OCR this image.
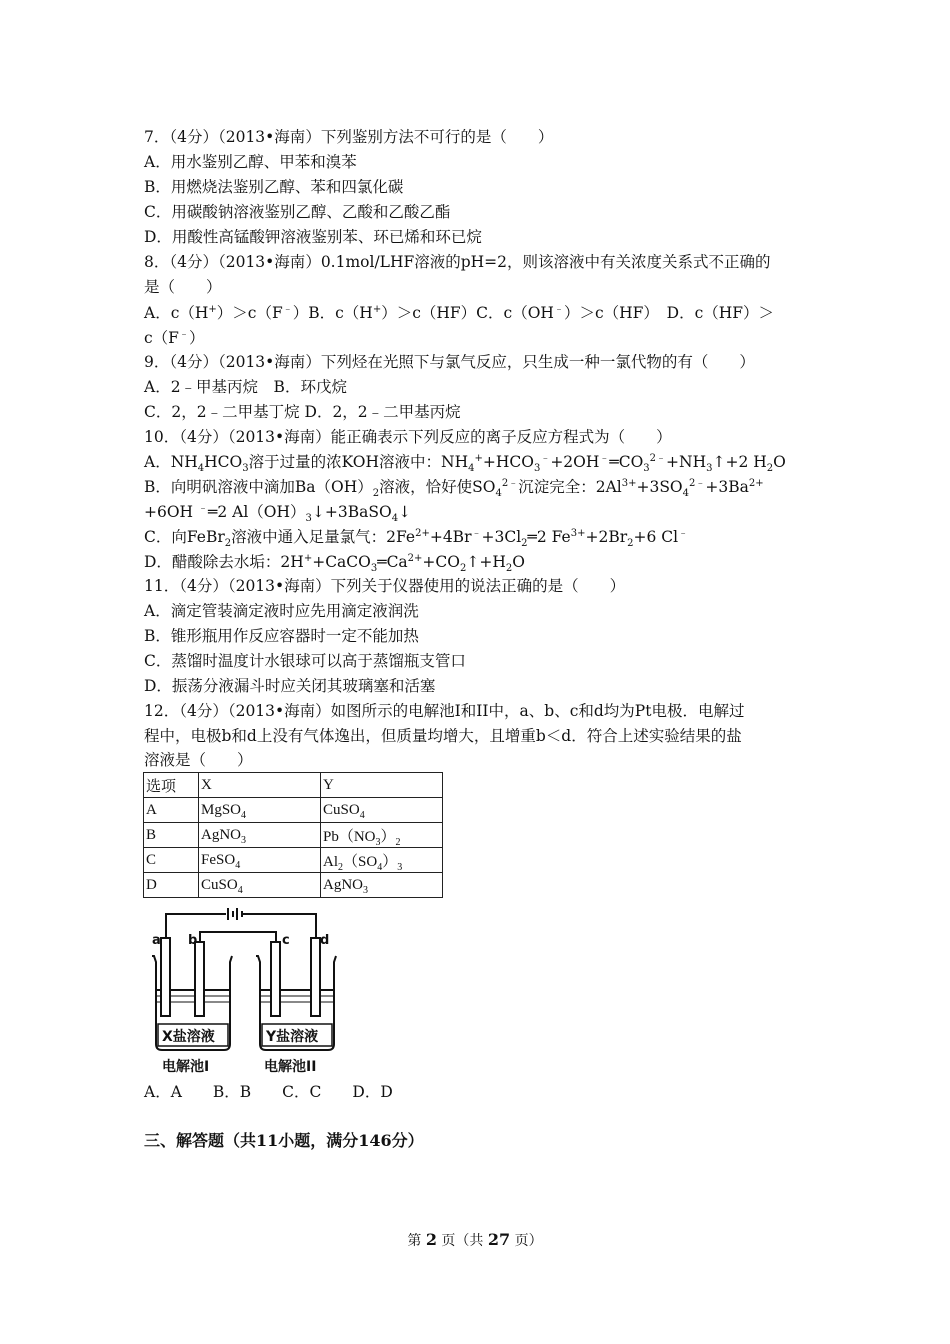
7．（4分）（2013•海南）下列鉴别方法不可行的是（　　）
A．用水鉴别乙醇、甲苯和溴苯
B．用燃烧法鉴别乙醇、苯和四氯化碳
C．用碳酸钠溶液鉴别乙醇、乙酸和乙酸乙酯
D．用酸性高锰酸钾溶液鉴别苯、环已烯和环已烷
8．（4分）（2013•海南）0.1mol/LHF溶液的pH=2，则该溶液中有关浓度关系式不正确的
是（　　）
A．c（H+）＞c（F﹣）B．c（H+）＞c（HF）C．c（OH﹣）＞c（HF）　D．c（HF）＞
c（F﹣）
9．（4分）（2013•海南）下列烃在光照下与氯气反应，只生成一种一氯代物的有（　　）
A．2﹣甲基丙烷　B．环戊烷
C．2，2﹣二甲基丁烷 D．2，2﹣二甲基丙烷
10．（4分）（2013•海南）能正确表示下列反应的离子反应方程式为（　　）
A．$NH_4HCO_3$溶于过量的浓KOH溶液中：$NH_4^++HCO_3^﹣+2OH^﹣═CO_3^{2﹣}+NH_3↑+2$ $H_2O$
B．向明矾溶液中滴加$Ba(OH)_2$溶液，恰好使$SO_4^{2﹣}$沉淀完全：$2Al^{3+}+3SO_4^{2﹣}+3Ba^{2+}$
+6OH ﹣═2 $Al(OH)_3↓+3BaSO_4↓$
C．向FeBr$_2$溶液中通入足量氯气：$2Fe^{2+}+4Br^﹣+3Cl_2═2$ $Fe^{3+}+2Br_2+6$ Cl﹣
D．醋酸除去水垢：$2H^++CaCO_3═Ca^{2+}+CO_2↑+H_2O$
11．（4分）（2013•海南）下列关于仪器使用的说法正确的是（　　）
A．滴定管装滴定液时应先用滴定液润洗
B．锥形瓶用作反应容器时一定不能加热
C．蒸馏时温度计水银球可以高于蒸馏瓶支管口
D．振荡分液漏斗时应关闭其玻璃塞和活塞
12．（4分）（2013•海南）如图所示的电解池I和II中，a、b、c和d均为Pt电极．电解过
程中，电极b和d上没有气体逸出，但质量均增大，且增重b＜d．符合上述实验结果的盐
溶液是（　　）
选项	X	Y
A	MgSO$_4$	CuSO$_4$
B	AgNO$_3$	$Pb(NO_3)_2$
C	FeSO$_4$	$Al_2(SO_4)_3$
D	CuSO$_4$	AgNO$_3$
a b	c d
X盐溶液	Y盐溶液
电解池I	电解池II
A．A　　B．B　　C．C　　D．D
三、解答题（共11小题，满分146分）
第 2 页（共 27 页）
